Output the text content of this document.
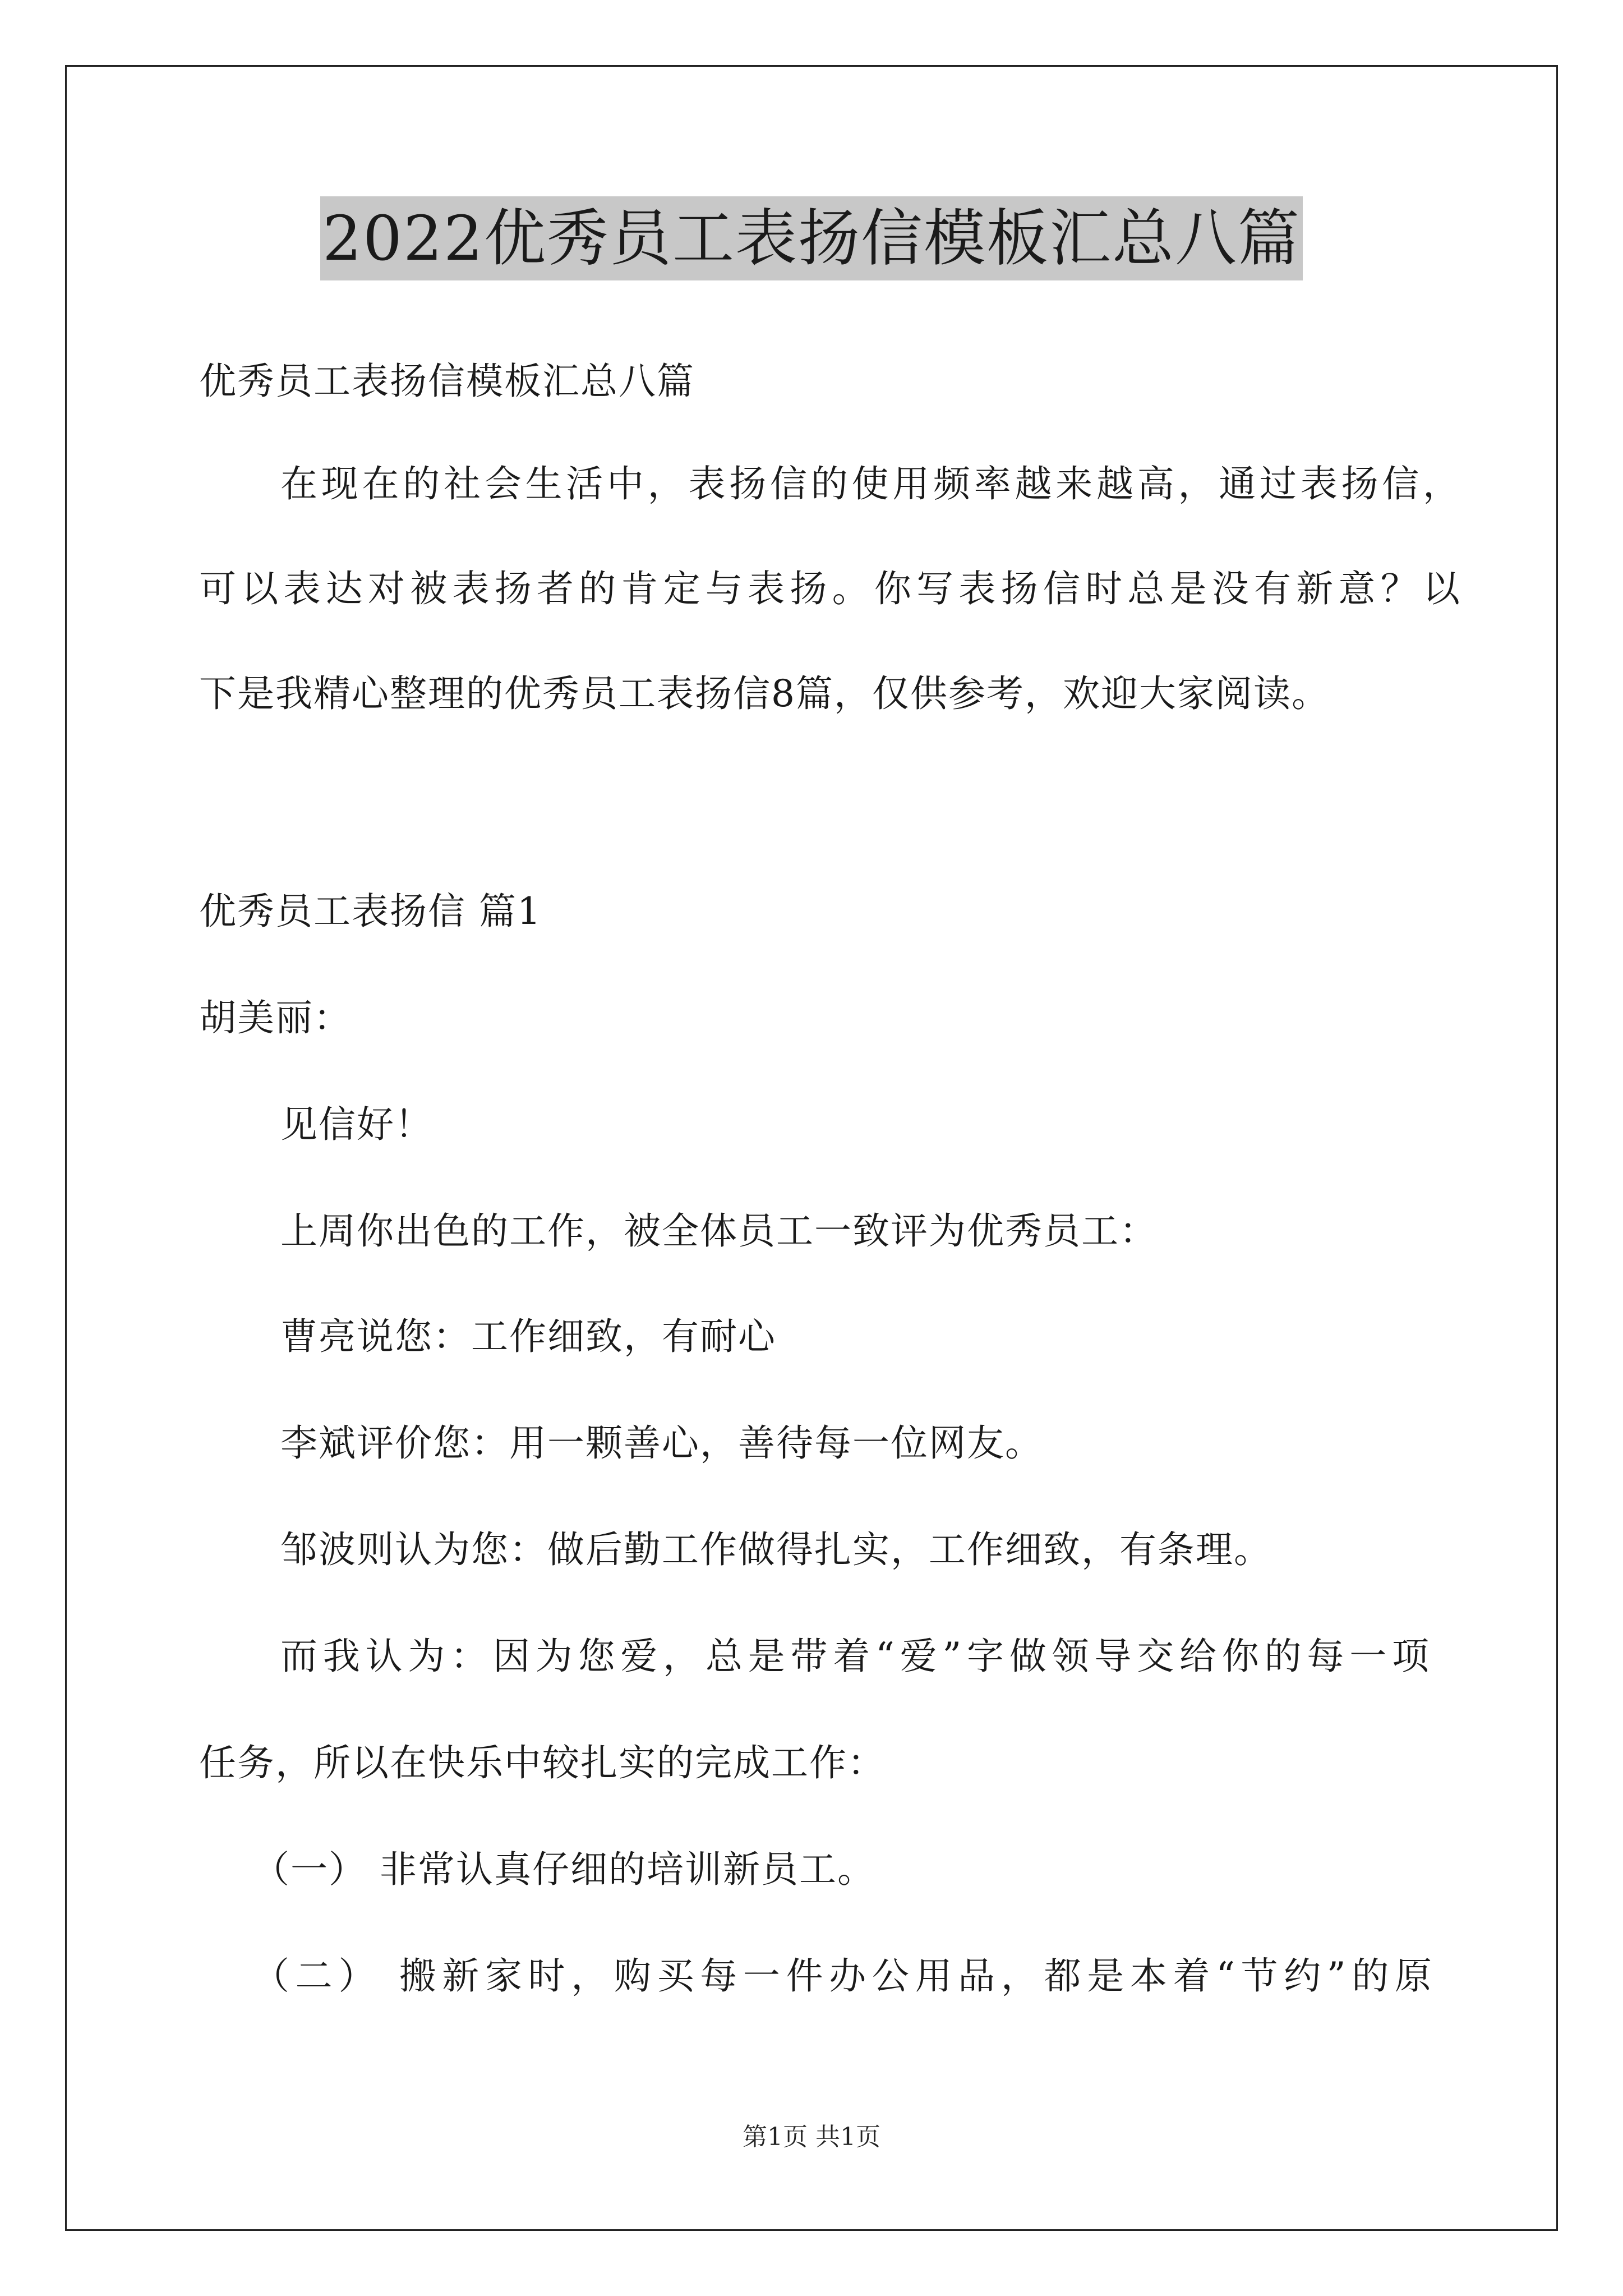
2022优秀员工表扬信模板汇总八篇
优秀员工表扬信模板汇总八篇
在现在的社会生活中，表扬信的使用频率越来越高，通过表扬信，
可以表达对被表扬者的肯定与表扬。你写表扬信时总是没有新意？以
下是我精心整理的优秀员工表扬信8篇，仅供参考，欢迎大家阅读。
优秀员工表扬信 篇1
胡美丽：
见信好！
上周你出色的工作，被全体员工一致评为优秀员工：
曹亮说您：工作细致，有耐心
李斌评价您：用一颗善心，善待每一位网友。
邹波则认为您：做后勤工作做得扎实，工作细致，有条理。
而我认为：因为您爱，总是带着“爱”字做领导交给你的每一项
任务，所以在快乐中较扎实的完成工作：
（一） 非常认真仔细的培训新员工。
（二） 搬新家时，购买每一件办公用品，都是本着“节约”的原
第1页 共1页
